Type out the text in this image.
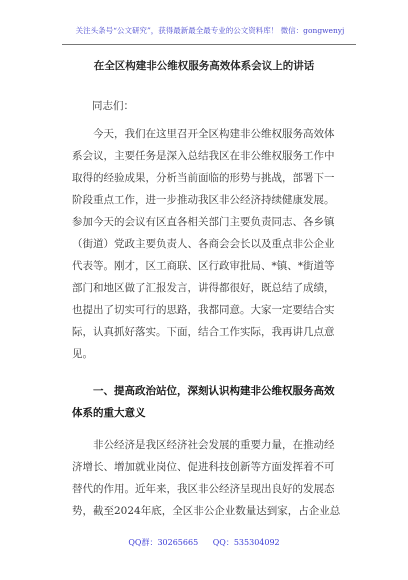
关注头条号“公文研究”，获得最新最全最专业的公文资料库！ 微信：gongwenyj
在全区构建非公维权服务高效体系会议上的讲话
同志们：
今天，我们在这里召开全区构建非公维权服务高效体
系会议，主要任务是深入总结我区在非公维权服务工作中
取得的经验成果，分析当前面临的形势与挑战，部署下一
阶段重点工作，进一步推动我区非公经济持续健康发展。
参加今天的会议有区直各相关部门主要负责同志、各乡镇
（街道）党政主要负责人、各商会会长以及重点非公企业
代表等。刚才，区工商联、区行政审批局、*镇、*街道等
部门和地区做了汇报发言，讲得都很好，既总结了成绩，
也提出了切实可行的思路，我都同意。大家一定要结合实
际，认真抓好落实。下面，结合工作实际，我再讲几点意
见。
一、提高政治站位，深刻认识构建非公维权服务高效
体系的重大意义
非公经济是我区经济社会发展的重要力量，在推动经
济增长、增加就业岗位、促进科技创新等方面发挥着不可
替代的作用。近年来，我区非公经济呈现出良好的发展态
势，截至2024年底，全区非公企业数量达到家，占企业总
QQ群：30265665 QQ：535304092
